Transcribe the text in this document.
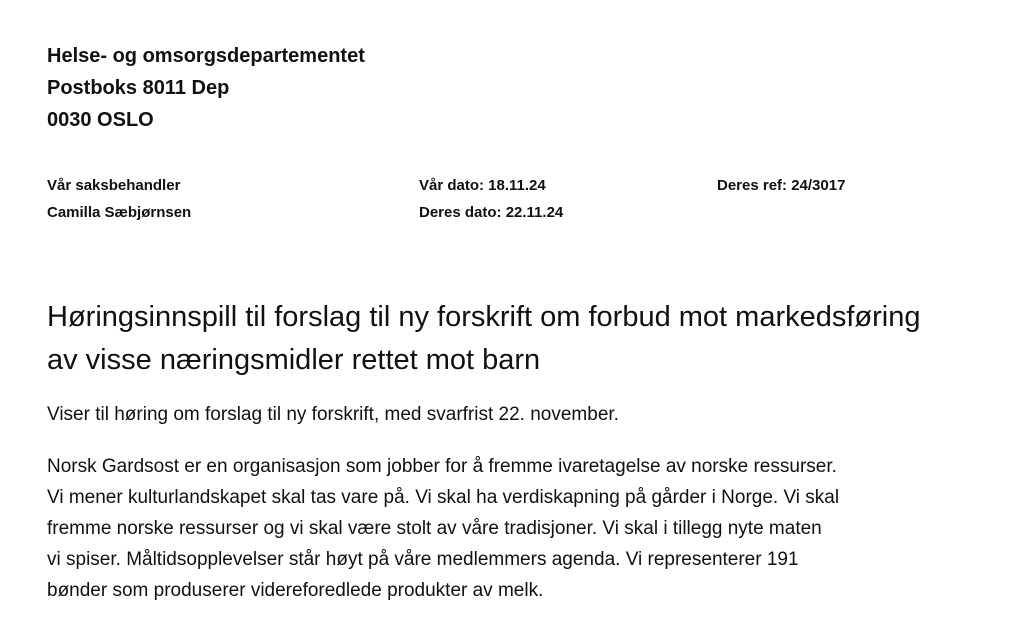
Helse- og omsorgsdepartementet
Postboks 8011 Dep
0030 OSLO
Vår saksbehandler
Camilla Sæbjørnsen
Vår dato: 18.11.24
Deres dato: 22.11.24
Deres ref: 24/3017
Høringsinnspill til forslag til ny forskrift om forbud mot markedsføring
av visse næringsmidler rettet mot barn
Viser til høring om forslag til ny forskrift, med svarfrist 22. november.
Norsk Gardsost er en organisasjon som jobber for å fremme ivaretagelse av norske ressurser.
Vi mener kulturlandskapet skal tas vare på. Vi skal ha verdiskapning på gårder i Norge. Vi skal
fremme norske ressurser og vi skal være stolt av våre tradisjoner. Vi skal i tillegg nyte maten
vi spiser. Måltidsopplevelser står høyt på våre medlemmers agenda. Vi representerer 191
bønder som produserer videreforedlede produkter av melk.
